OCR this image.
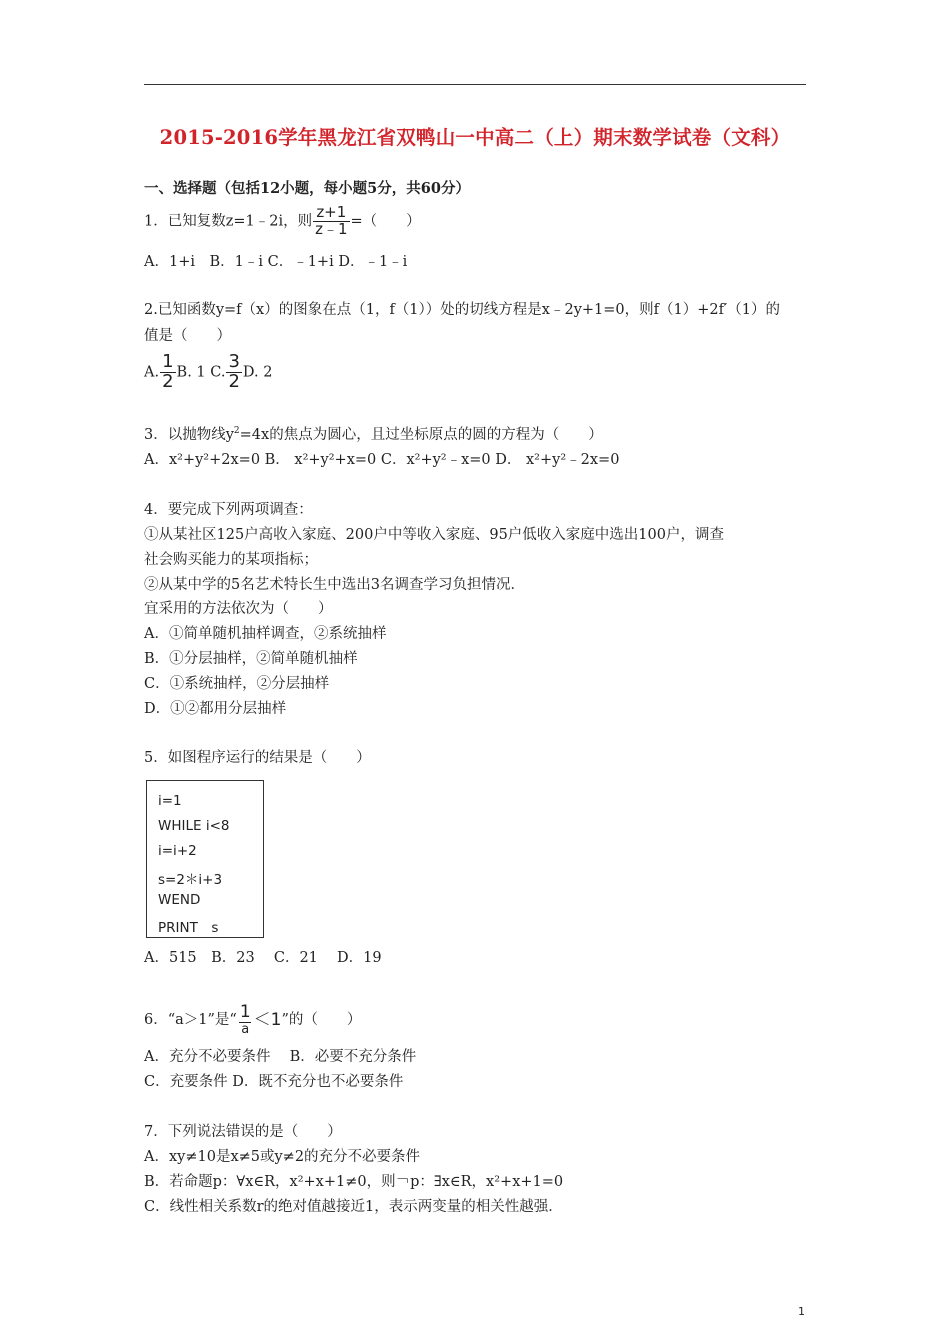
2015-2016学年黑龙江省双鸭山一中高二（上）期末数学试卷（文科）
一、选择题（包括12小题，每小题5分，共60分）
1．已知复数z=1﹣2i，则 $\frac{z+1}{z﹣1}$ =（　　）
A．1+i　B．1﹣i C．﹣1+i D．﹣1﹣i
2.已知函数y=f（x）的图象在点（1，f（1））处的切线方程是x﹣2y+1=0，则f（1）+2f′（1）的
值是（　　）
A. $\frac{1}{2} B$. 1 C. $\frac{3}{2} D$. 2
3．以抛物线$y^2=4x$的焦点为圆心，且过坐标原点的圆的方程为（　　）
A．x²+y²+2x=0 B． x²+y²+x=0 C．x²+y²﹣x=0 D． x²+y²﹣2x=0
4．要完成下列两项调查：
①从某社区125户高收入家庭、200户中等收入家庭、95户低收入家庭中选出100户，调查
社会购买能力的某项指标；
②从某中学的5名艺术特长生中选出3名调查学习负担情况．
宜采用的方法依次为（　　）
A．①简单随机抽样调查，②系统抽样
B．①分层抽样，②简单随机抽样
C．①系统抽样，②分层抽样
D．①②都用分层抽样
5．如图程序运行的结果是（　　）
i=1
WHILE i<8
i=i+2
s=2＊i+3
WEND
PRINT　s
A．515　B．23　 C．21　 D．19
6．“a＞1”是“ $\frac{1}{a} <1$”的（　　）
A．充分不必要条件　 B．必要不充分条件
C．充要条件 D．既不充分也不必要条件
7．下列说法错误的是（　　）
A．xy≠10是x≠5或y≠2的充分不必要条件
B．若命题p：∀x∈R，x²+x+1≠0，则￢p：∃x∈R，x²+x+1=0
C．线性相关系数r的绝对值越接近1，表示两变量的相关性越强．
1
